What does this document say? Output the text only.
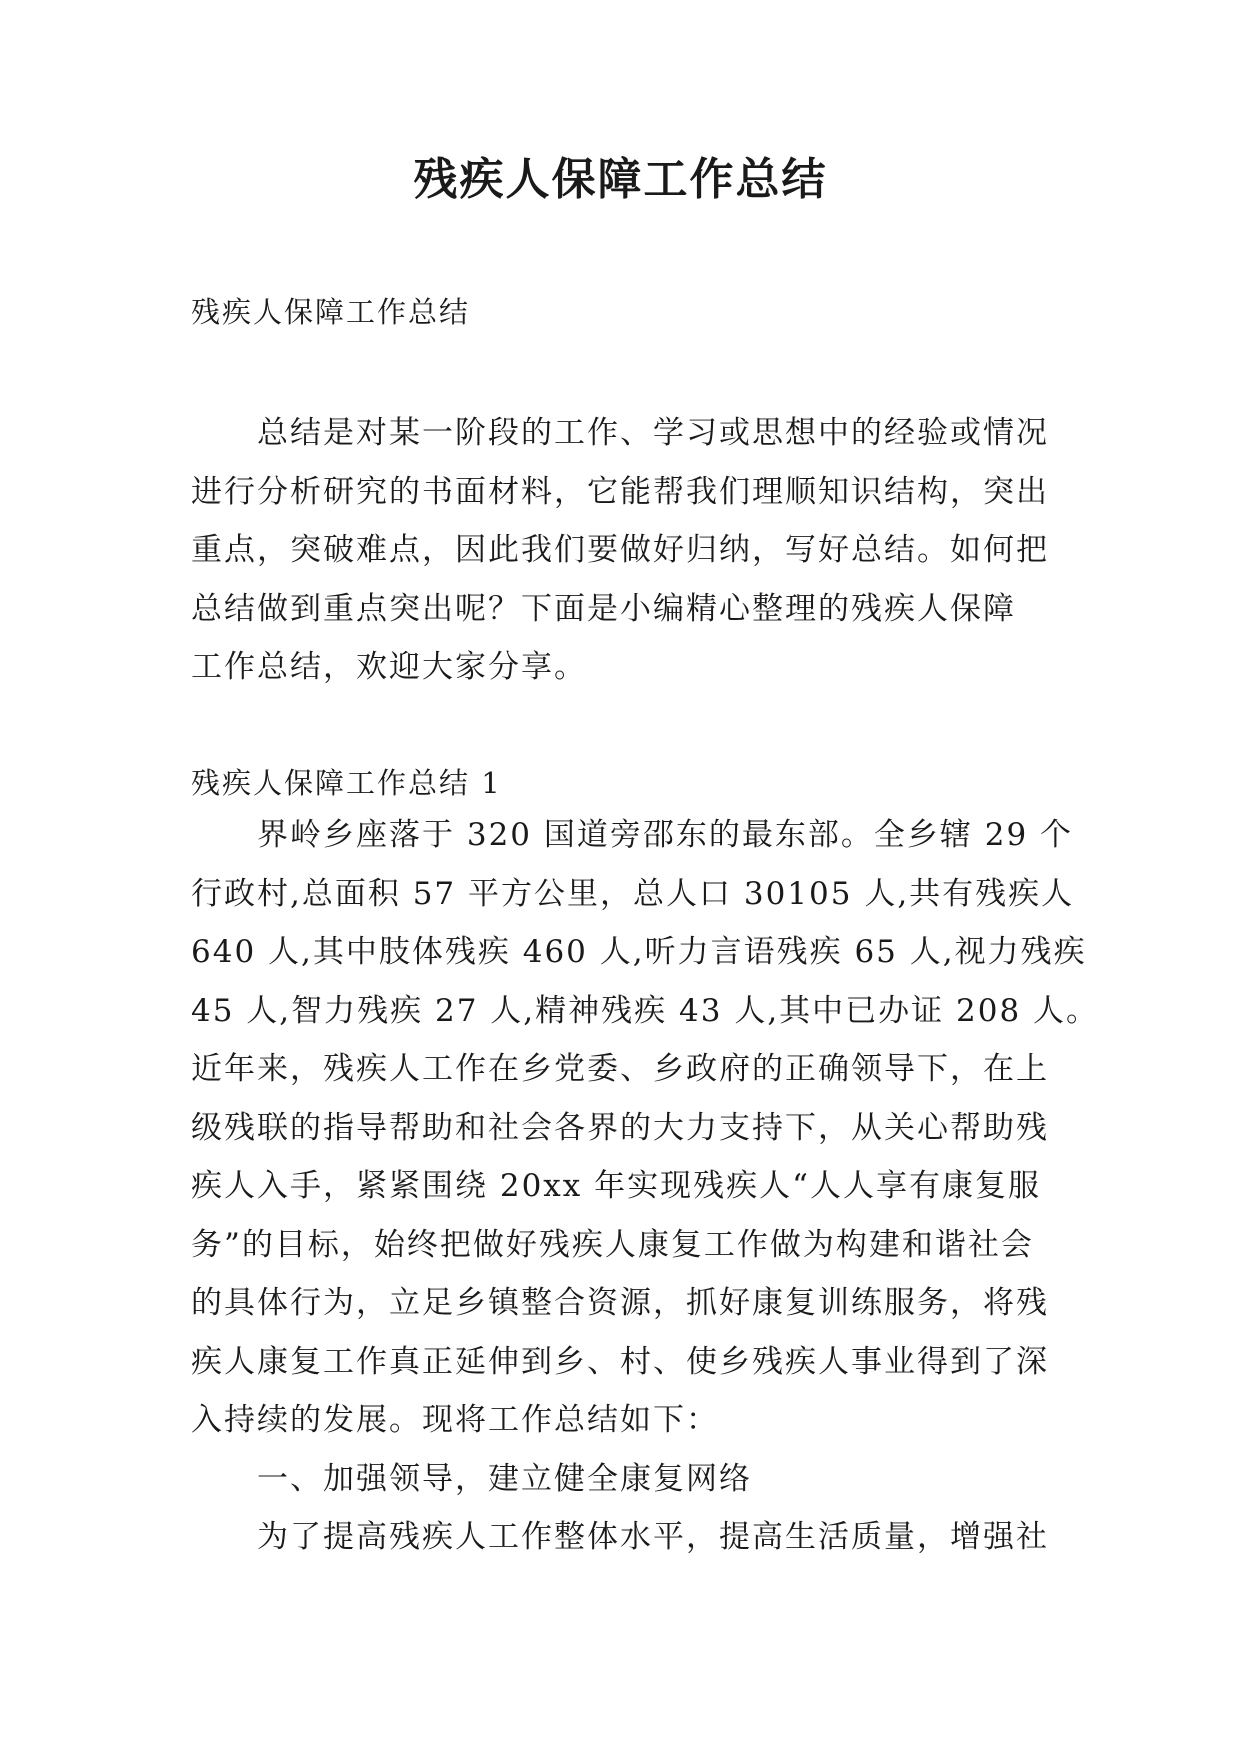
残疾人保障工作总结

残疾人保障工作总结

总结是对某一阶段的工作、学习或思想中的经验或情况
进行分析研究的书面材料，它能帮我们理顺知识结构，突出
重点，突破难点，因此我们要做好归纳，写好总结。如何把
总结做到重点突出呢？下面是小编精心整理的残疾人保障
工作总结，欢迎大家分享。

残疾人保障工作总结 1

界岭乡座落于 320 国道旁邵东的最东部。全乡辖 29 个
行政村,总面积 57 平方公里，总人口 30105 人,共有残疾人
640 人,其中肢体残疾 460 人,听力言语残疾 65 人,视力残疾
45 人,智力残疾 27 人,精神残疾 43 人,其中已办证 208 人。
近年来，残疾人工作在乡党委、乡政府的正确领导下，在上
级残联的指导帮助和社会各界的大力支持下，从关心帮助残
疾人入手，紧紧围绕 20xx 年实现残疾人“人人享有康复服
务”的目标，始终把做好残疾人康复工作做为构建和谐社会
的具体行为，立足乡镇整合资源，抓好康复训练服务，将残
疾人康复工作真正延伸到乡、村、使乡残疾人事业得到了深
入持续的发展。现将工作总结如下：
一、加强领导，建立健全康复网络
为了提高残疾人工作整体水平，提高生活质量，增强社
